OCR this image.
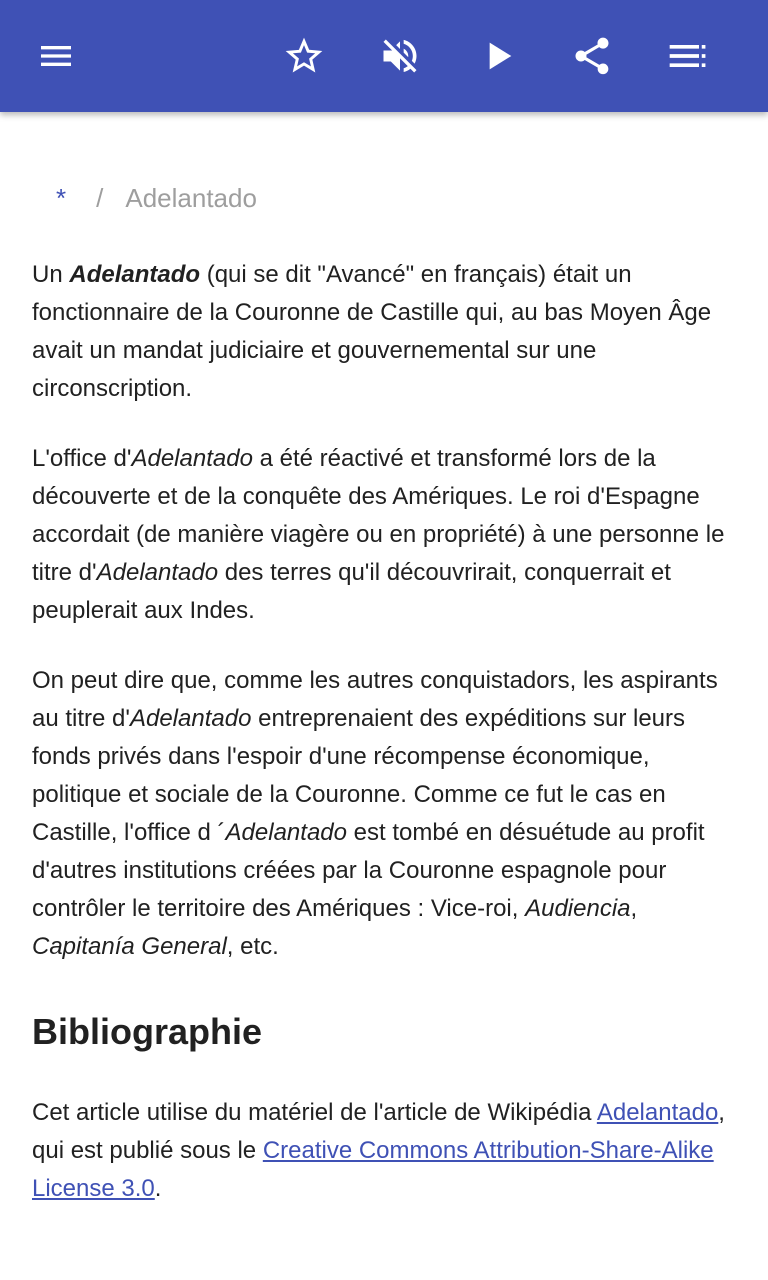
* / Adelantado

Un Adelantado (qui se dit "Avancé" en français) était un fonctionnaire de la Couronne de Castille qui, au bas Moyen Âge avait un mandat judiciaire et gouvernemental sur une circonscription.

L'office d'Adelantado a été réactivé et transformé lors de la découverte et de la conquête des Amériques. Le roi d'Espagne accordait (de manière viagère ou en propriété) à une personne le titre d'Adelantado des terres qu'il découvrirait, conquerrait et peuplerait aux Indes.

On peut dire que, comme les autres conquistadors, les aspirants au titre d'Adelantado entreprenaient des expéditions sur leurs fonds privés dans l'espoir d'une récompense économique, politique et sociale de la Couronne. Comme ce fut le cas en Castille, l'office d ´Adelantado est tombé en désuétude au profit d'autres institutions créées par la Couronne espagnole pour contrôler le territoire des Amériques : Vice-roi, Audiencia, Capitanía General, etc.

Bibliographie

Cet article utilise du matériel de l'article de Wikipédia Adelantado, qui est publié sous le Creative Commons Attribution-Share-Alike License 3.0.
